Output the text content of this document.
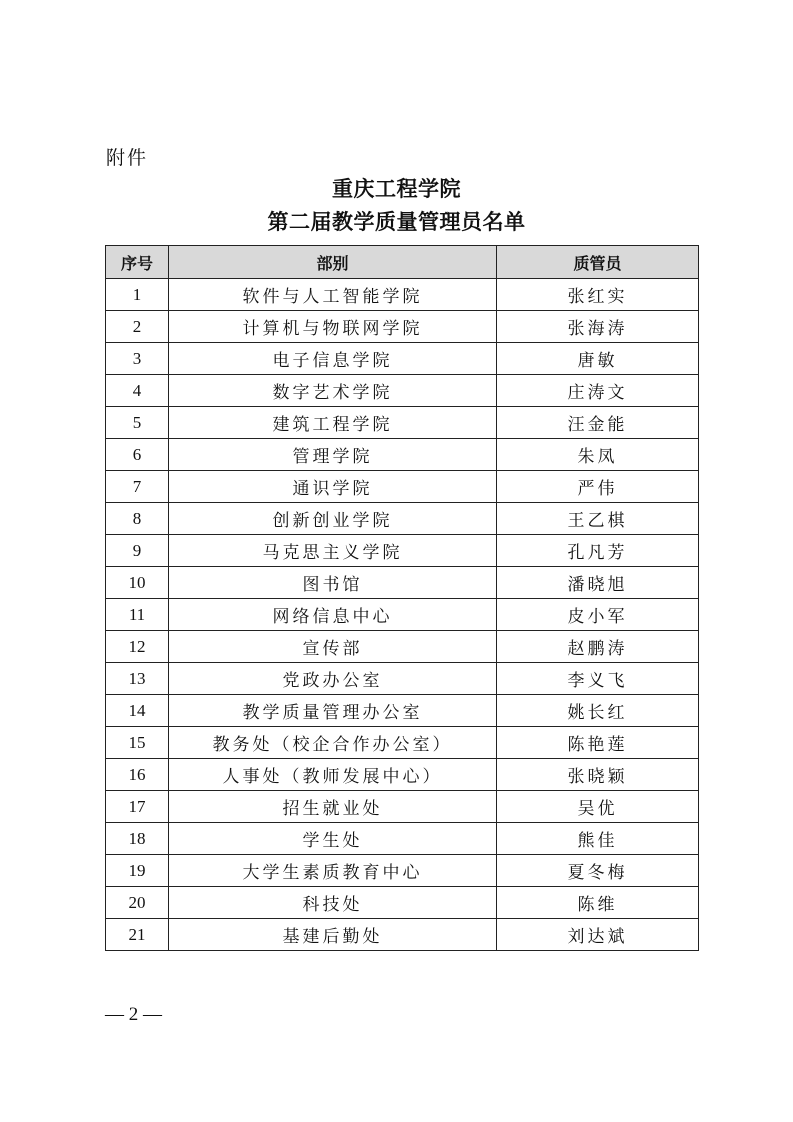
附件
重庆工程学院
第二届教学质量管理员名单
序号	部别	质管员
1	软件与人工智能学院	张红实
2	计算机与物联网学院	张海涛
3	电子信息学院	唐敏
4	数字艺术学院	庄涛文
5	建筑工程学院	汪金能
6	管理学院	朱凤
7	通识学院	严伟
8	创新创业学院	王乙棋
9	马克思主义学院	孔凡芳
10	图书馆	潘晓旭
11	网络信息中心	皮小军
12	宣传部	赵鹏涛
13	党政办公室	李义飞
14	教学质量管理办公室	姚长红
15	教务处（校企合作办公室）	陈艳莲
16	人事处（教师发展中心）	张晓颖
17	招生就业处	吴优
18	学生处	熊佳
19	大学生素质教育中心	夏冬梅
20	科技处	陈维
21	基建后勤处	刘达斌
— 2 —
